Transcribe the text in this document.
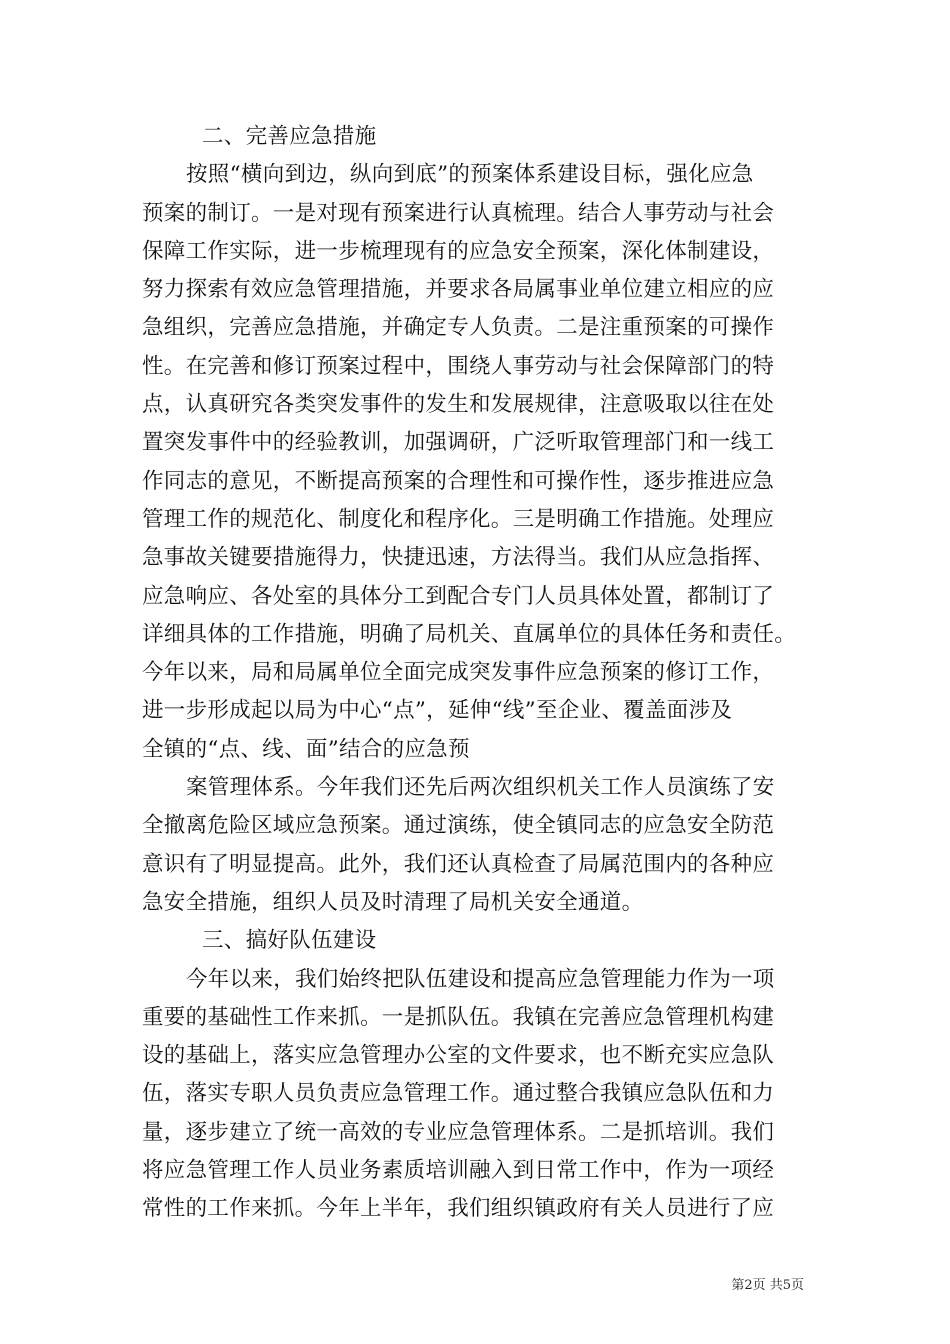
二、完善应急措施
按照“横向到边，纵向到底”的预案体系建设目标，强化应急
预案的制订。一是对现有预案进行认真梳理。结合人事劳动与社会
保障工作实际，进一步梳理现有的应急安全预案，深化体制建设，
努力探索有效应急管理措施，并要求各局属事业单位建立相应的应
急组织，完善应急措施，并确定专人负责。二是注重预案的可操作
性。在完善和修订预案过程中，围绕人事劳动与社会保障部门的特
点，认真研究各类突发事件的发生和发展规律，注意吸取以往在处
置突发事件中的经验教训，加强调研，广泛听取管理部门和一线工
作同志的意见，不断提高预案的合理性和可操作性，逐步推进应急
管理工作的规范化、制度化和程序化。三是明确工作措施。处理应
急事故关键要措施得力，快捷迅速，方法得当。我们从应急指挥、
应急响应、各处室的具体分工到配合专门人员具体处置，都制订了
详细具体的工作措施，明确了局机关、直属单位的具体任务和责任。
今年以来，局和局属单位全面完成突发事件应急预案的修订工作，
进一步形成起以局为中心“点”，延伸“线”至企业、覆盖面涉及
全镇的“点、线、面”结合的应急预
案管理体系。今年我们还先后两次组织机关工作人员演练了安
全撤离危险区域应急预案。通过演练，使全镇同志的应急安全防范
意识有了明显提高。此外，我们还认真检查了局属范围内的各种应
急安全措施，组织人员及时清理了局机关安全通道。
三、搞好队伍建设
今年以来，我们始终把队伍建设和提高应急管理能力作为一项
重要的基础性工作来抓。一是抓队伍。我镇在完善应急管理机构建
设的基础上，落实应急管理办公室的文件要求，也不断充实应急队
伍，落实专职人员负责应急管理工作。通过整合我镇应急队伍和力
量，逐步建立了统一高效的专业应急管理体系。二是抓培训。我们
将应急管理工作人员业务素质培训融入到日常工作中，作为一项经
常性的工作来抓。今年上半年，我们组织镇政府有关人员进行了应
第2页 共5页
